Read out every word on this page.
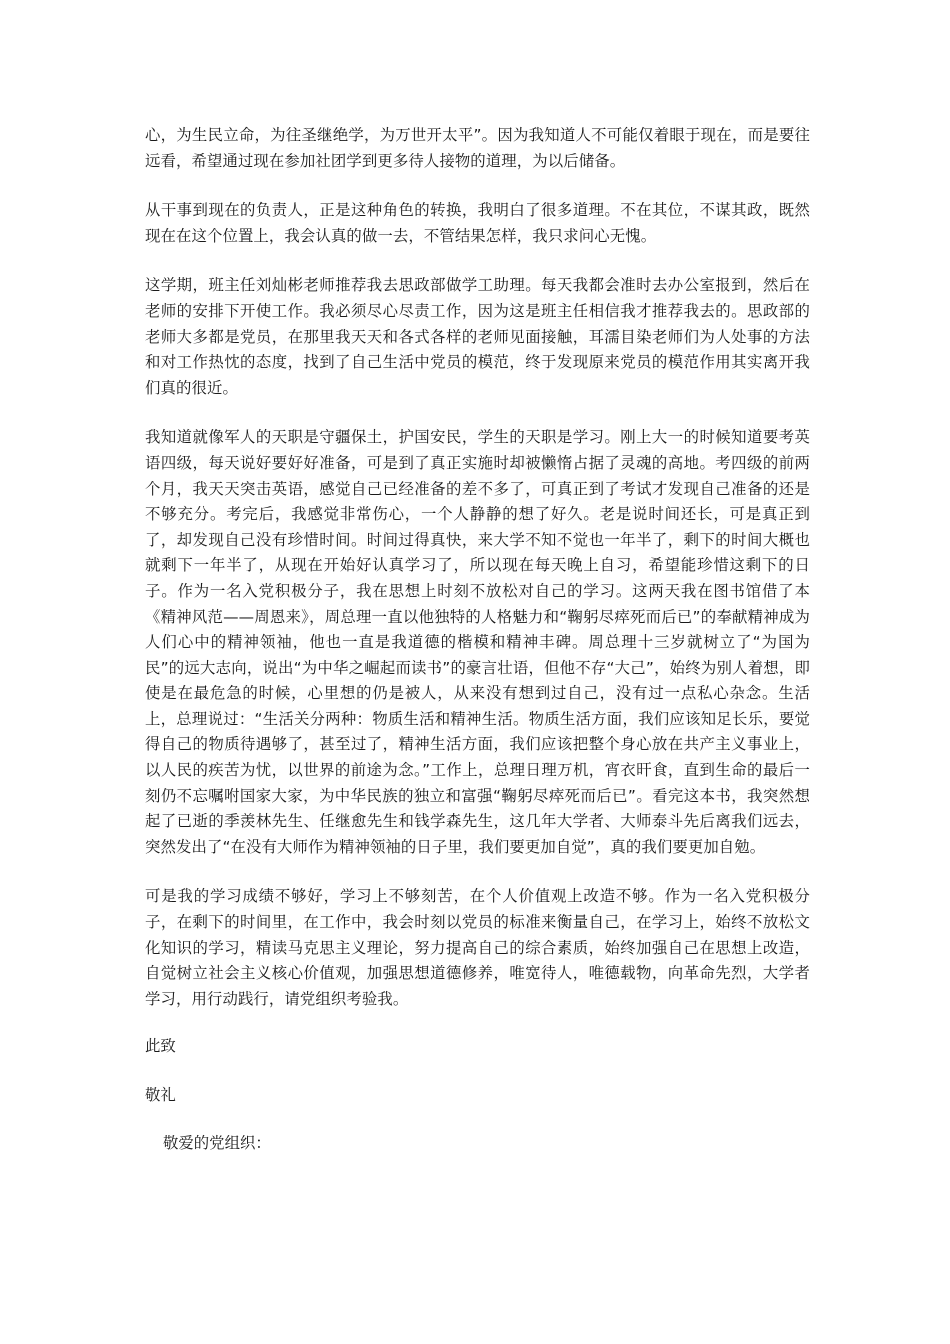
心，为生民立命，为往圣继绝学，为万世开太平”。因为我知道人不可能仅着眼于现在，而是要往远看，希望通过现在参加社团学到更多待人接物的道理，为以后储备。

从干事到现在的负责人，正是这种角色的转换，我明白了很多道理。不在其位，不谋其政，既然现在在这个位置上，我会认真的做一去，不管结果怎样，我只求问心无愧。

这学期，班主任刘灿彬老师推荐我去思政部做学工助理。每天我都会准时去办公室报到，然后在老师的安排下开使工作。我必须尽心尽责工作，因为这是班主任相信我才推荐我去的。思政部的老师大多都是党员，在那里我天天和各式各样的老师见面接触，耳濡目染老师们为人处事的方法和对工作热忱的态度，找到了自己生活中党员的模范，终于发现原来党员的模范作用其实离开我们真的很近。

我知道就像军人的天职是守疆保土，护国安民，学生的天职是学习。刚上大一的时候知道要考英语四级，每天说好要好好准备，可是到了真正实施时却被懒惰占据了灵魂的高地。考四级的前两个月，我天天突击英语，感觉自己已经准备的差不多了，可真正到了考试才发现自己准备的还是不够充分。考完后，我感觉非常伤心，一个人静静的想了好久。老是说时间还长，可是真正到了，却发现自己没有珍惜时间。时间过得真快，来大学不知不觉也一年半了，剩下的时间大概也就剩下一年半了，从现在开始好认真学习了，所以现在每天晚上自习，希望能珍惜这剩下的日子。作为一名入党积极分子，我在思想上时刻不放松对自己的学习。这两天我在图书馆借了本《精神风范——周恩来》，周总理一直以他独特的人格魅力和“鞠躬尽瘁死而后已”的奉献精神成为人们心中的精神领袖，他也一直是我道德的楷模和精神丰碑。周总理十三岁就树立了“为国为民”的远大志向，说出“为中华之崛起而读书”的豪言壮语，但他不存“大己”，始终为别人着想，即使是在最危急的时候，心里想的仍是被人，从来没有想到过自己，没有过一点私心杂念。生活上，总理说过：“生活关分两种：物质生活和精神生活。物质生活方面，我们应该知足长乐，要觉得自己的物质待遇够了，甚至过了，精神生活方面，我们应该把整个身心放在共产主义事业上，以人民的疾苦为忧，以世界的前途为念。”工作上，总理日理万机，宵衣旰食，直到生命的最后一刻仍不忘嘱咐国家大家，为中华民族的独立和富强“鞠躬尽瘁死而后已”。看完这本书，我突然想起了已逝的季羡林先生、任继愈先生和钱学森先生，这几年大学者、大师泰斗先后离我们远去，突然发出了“在没有大师作为精神领袖的日子里，我们要更加自觉”，真的我们要更加自勉。

可是我的学习成绩不够好，学习上不够刻苦，在个人价值观上改造不够。作为一名入党积极分子，在剩下的时间里，在工作中，我会时刻以党员的标准来衡量自己，在学习上，始终不放松文化知识的学习，精读马克思主义理论，努力提高自己的综合素质，始终加强自己在思想上改造，自觉树立社会主义核心价值观，加强思想道德修养，唯宽待人，唯德载物，向革命先烈，大学者学习，用行动践行，请党组织考验我。

此致

敬礼

敬爱的党组织：
